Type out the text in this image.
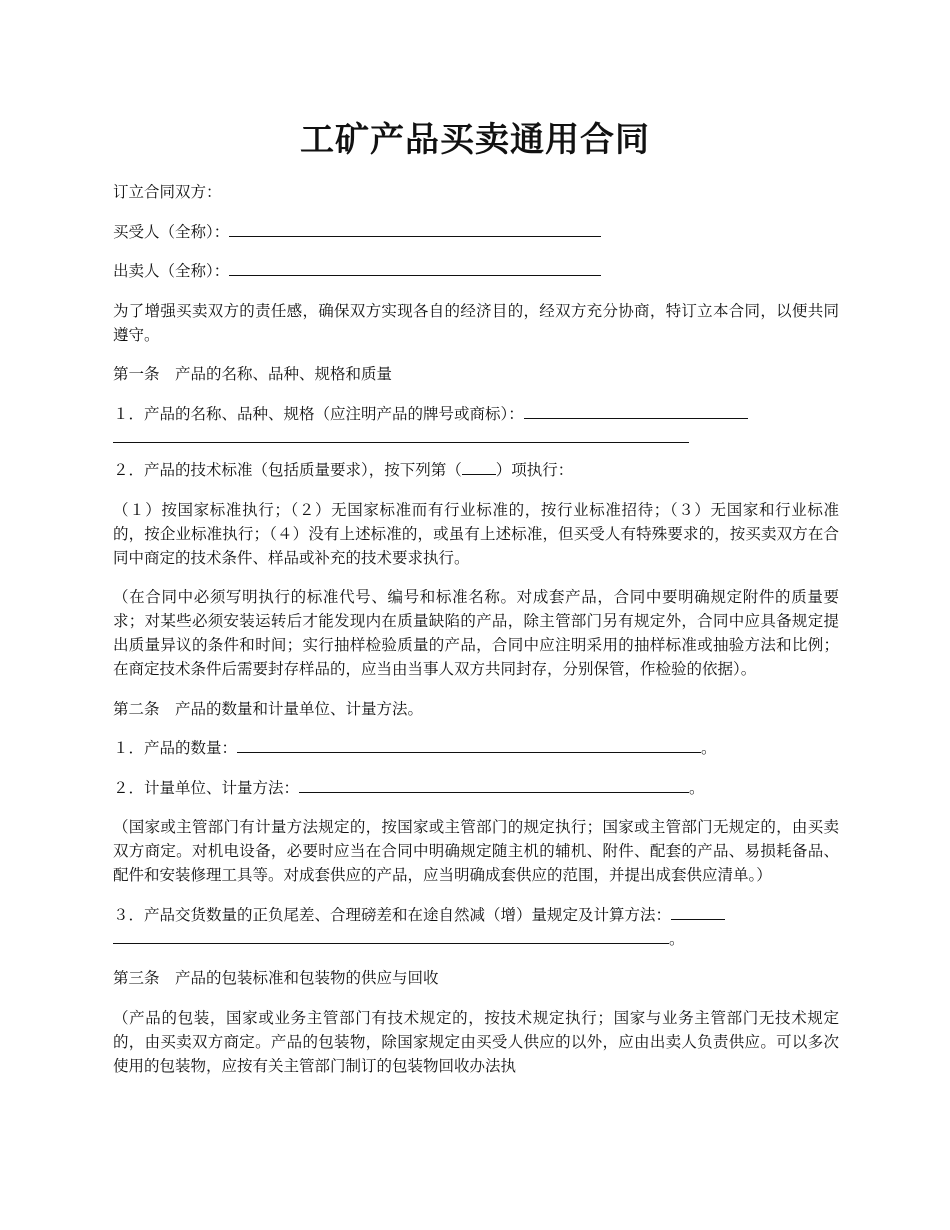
工矿产品买卖通用合同

订立合同双方：

买受人（全称）：

出卖人（全称）：

为了增强买卖双方的责任感，确保双方实现各自的经济目的，经双方充分协商，特订立本合同，以便共同遵守。

第一条　产品的名称、品种、规格和质量

１．产品的名称、品种、规格（应注明产品的牌号或商标）：

２．产品的技术标准（包括质量要求），按下列第（ ）项执行：

（１）按国家标准执行；（２）无国家标准而有行业标准的，按行业标准招待；（３）无国家和行业标准的，按企业标准执行；（４）没有上述标准的，或虽有上述标准，但买受人有特殊要求的，按买卖双方在合同中商定的技术条件、样品或补充的技术要求执行。

（在合同中必须写明执行的标准代号、编号和标准名称。对成套产品，合同中要明确规定附件的质量要求；对某些必须安装运转后才能发现内在质量缺陷的产品，除主管部门另有规定外，合同中应具备规定提出质量异议的条件和时间；实行抽样检验质量的产品，合同中应注明采用的抽样标准或抽验方法和比例；在商定技术条件后需要封存样品的，应当由当事人双方共同封存，分别保管，作检验的依据）。

第二条　产品的数量和计量单位、计量方法。

１．产品的数量：	。

２．计量单位、计量方法：	。

（国家或主管部门有计量方法规定的，按国家或主管部门的规定执行；国家或主管部门无规定的，由买卖双方商定。对机电设备，必要时应当在合同中明确规定随主机的辅机、附件、配套的产品、易损耗备品、配件和安装修理工具等。对成套供应的产品，应当明确成套供应的范围，并提出成套供应清单。）

３．产品交货数量的正负尾差、合理磅差和在途自然减（增）量规定及计算方法：
。

第三条　产品的包装标准和包装物的供应与回收

（产品的包装，国家或业务主管部门有技术规定的，按技术规定执行；国家与业务主管部门无技术规定的，由买卖双方商定。产品的包装物，除国家规定由买受人供应的以外，应由出卖人负责供应。可以多次使用的包装物，应按有关主管部门制订的包装物回收办法执
